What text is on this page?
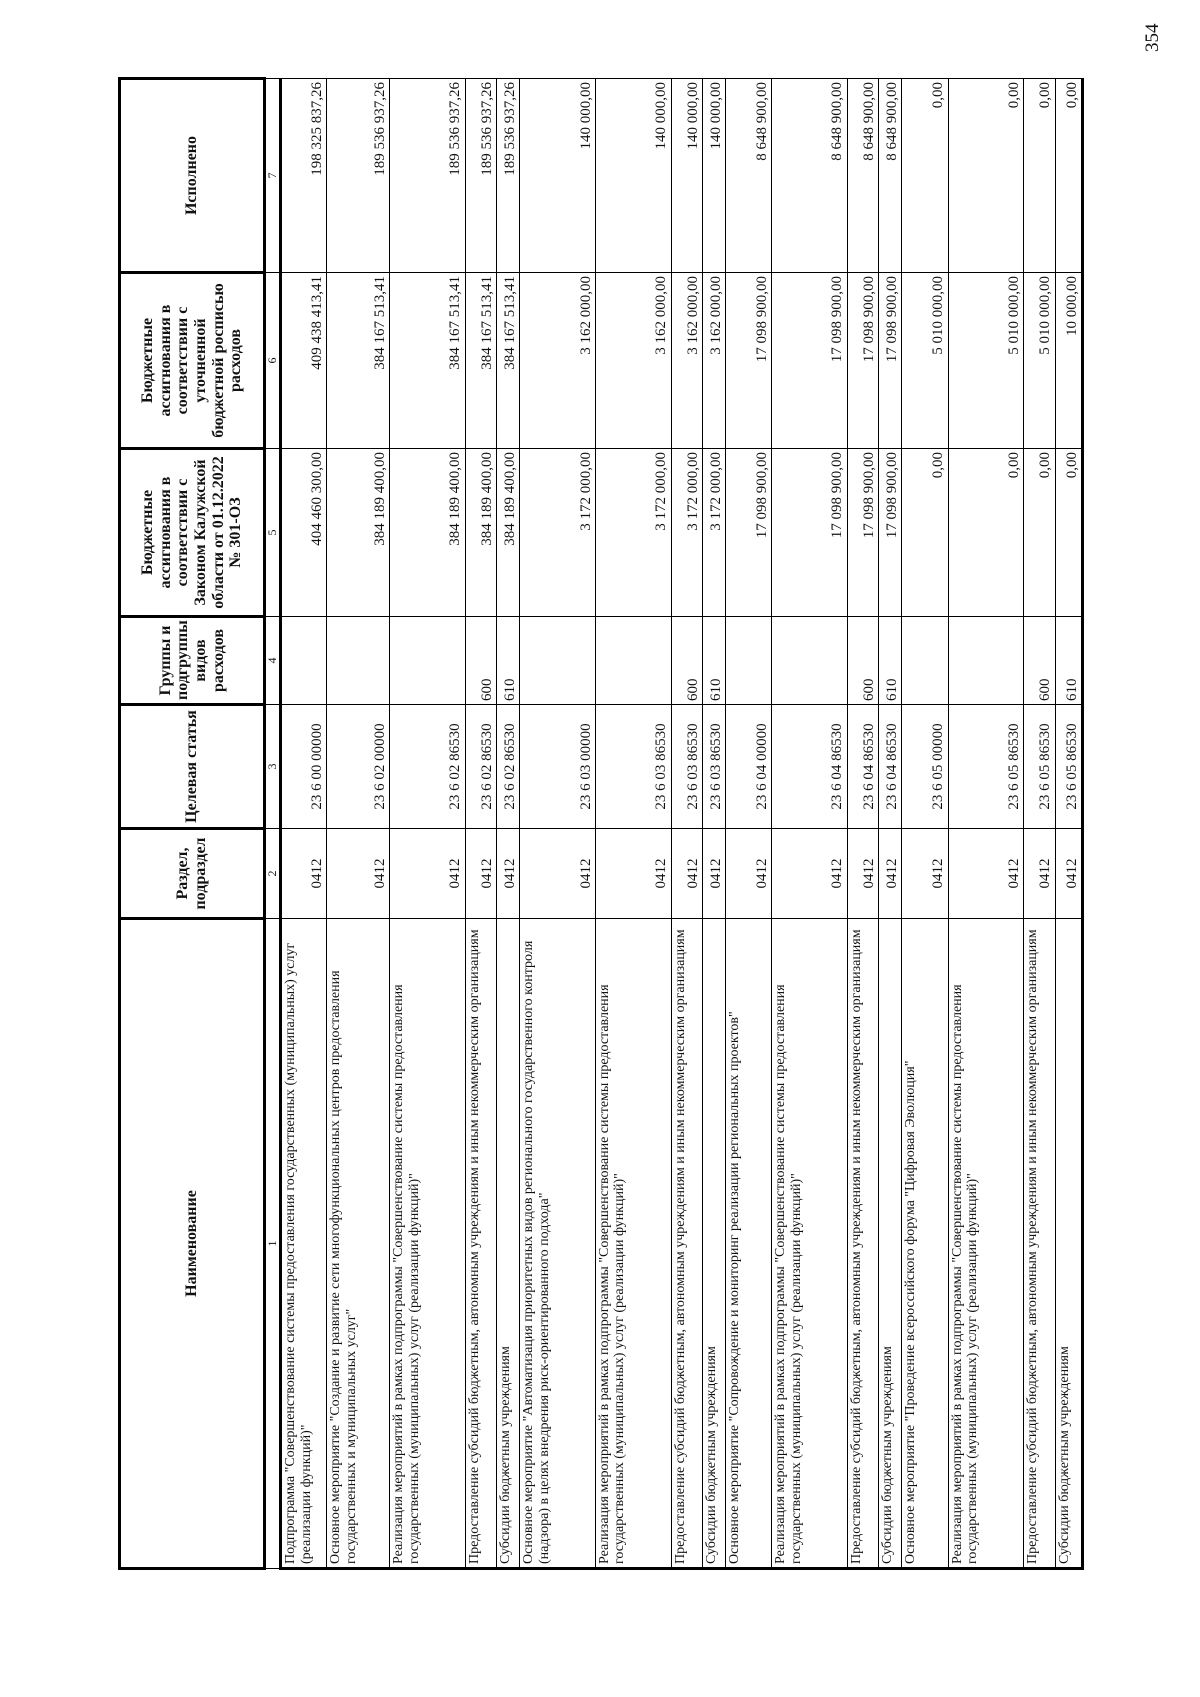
354
Наименование	Раздел, подраздел	Целевая статья	Группы и подгруппы видов расходов	Бюджетные ассигнования в соответствии с Законом Калужской области от 01.12.2022 № 301-ОЗ	Бюджетные ассигнования в соответствии с уточненной бюджетной росписью расходов	Исполнено
1	2	3	4	5	6	7
Подпрограмма "Совершенствование системы предоставления государственных (муниципальных) услуг (реализации функций)"	0412	23 6 00 00000		404 460 300,00	409 438 413,41	198 325 837,26
Основное мероприятие "Создание и развитие сети многофункциональных центров предоставления государственных и муниципальных услуг"	0412	23 6 02 00000		384 189 400,00	384 167 513,41	189 536 937,26
Реализация мероприятий в рамках подпрограммы "Совершенствование системы предоставления государственных (муниципальных) услуг (реализации функций)"	0412	23 6 02 86530		384 189 400,00	384 167 513,41	189 536 937,26
Предоставление субсидий бюджетным, автономным учреждениям и иным некоммерческим организациям	0412	23 6 02 86530	600	384 189 400,00	384 167 513,41	189 536 937,26
Субсидии бюджетным учреждениям	0412	23 6 02 86530	610	384 189 400,00	384 167 513,41	189 536 937,26
Основное мероприятие "Автоматизация приоритетных видов регионального государственного контроля (надзора) в целях внедрения риск-ориентированного подхода"	0412	23 6 03 00000		3 172 000,00	3 162 000,00	140 000,00
Реализация мероприятий в рамках подпрограммы "Совершенствование системы предоставления государственных (муниципальных) услуг (реализации функций)"	0412	23 6 03 86530		3 172 000,00	3 162 000,00	140 000,00
Предоставление субсидий бюджетным, автономным учреждениям и иным некоммерческим организациям	0412	23 6 03 86530	600	3 172 000,00	3 162 000,00	140 000,00
Субсидии бюджетным учреждениям	0412	23 6 03 86530	610	3 172 000,00	3 162 000,00	140 000,00
Основное мероприятие "Сопровождение и мониторинг реализации региональных проектов"	0412	23 6 04 00000		17 098 900,00	17 098 900,00	8 648 900,00
Реализация мероприятий в рамках подпрограммы "Совершенствование системы предоставления государственных (муниципальных) услуг (реализации функций)"	0412	23 6 04 86530		17 098 900,00	17 098 900,00	8 648 900,00
Предоставление субсидий бюджетным, автономным учреждениям и иным некоммерческим организациям	0412	23 6 04 86530	600	17 098 900,00	17 098 900,00	8 648 900,00
Субсидии бюджетным учреждениям	0412	23 6 04 86530	610	17 098 900,00	17 098 900,00	8 648 900,00
Основное мероприятие "Проведение всероссийского форума "Цифровая Эволюция"	0412	23 6 05 00000		0,00	5 010 000,00	0,00
Реализация мероприятий в рамках подпрограммы "Совершенствование системы предоставления государственных (муниципальных) услуг (реализации функций)"	0412	23 6 05 86530		0,00	5 010 000,00	0,00
Предоставление субсидий бюджетным, автономным учреждениям и иным некоммерческим организациям	0412	23 6 05 86530	600	0,00	5 010 000,00	0,00
Субсидии бюджетным учреждениям	0412	23 6 05 86530	610	0,00	10 000,00	0,00
